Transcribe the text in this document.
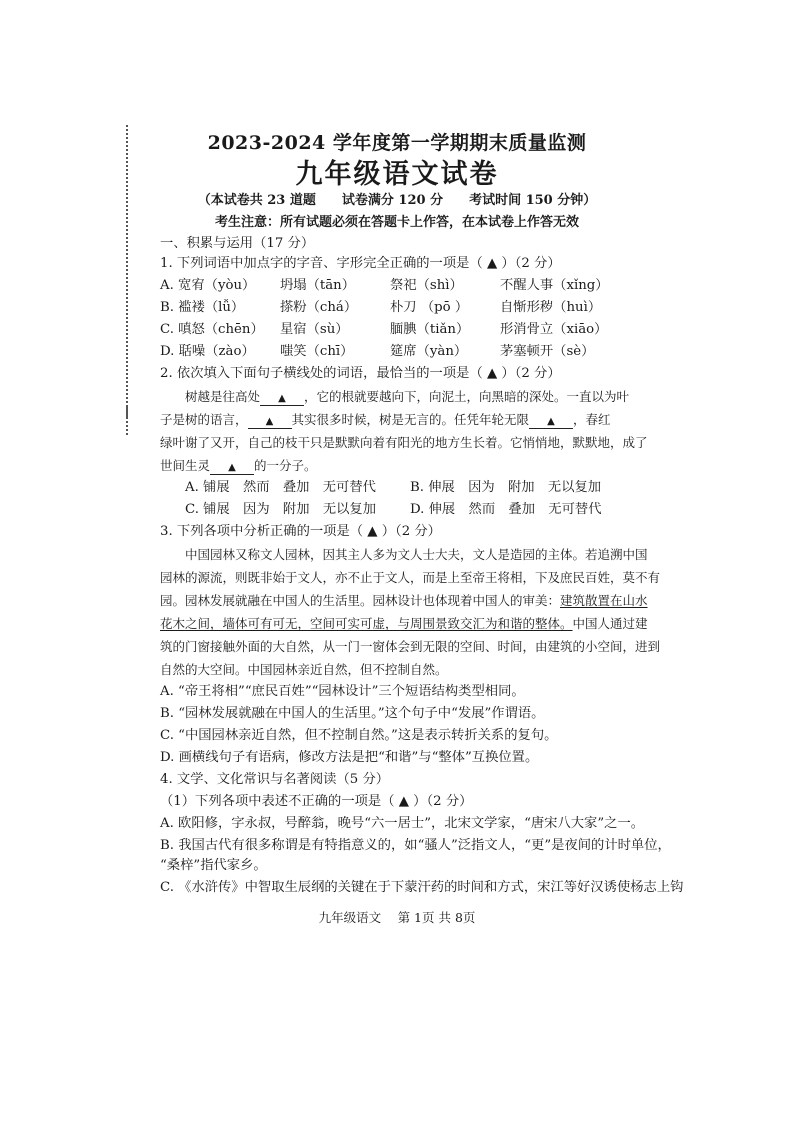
2023-2024 学年度第一学期期末质量监测
九年级语文试卷
（本试卷共 23 道题　　试卷满分 120 分　　考试时间 150 分钟）
考生注意：所有试题必须在答题卡上作答，在本试卷上作答无效
一、积累与运用（17 分）
1. 下列词语中加点字的字音、字形完全正确的一项是（ ▲ ）（2 分）
A. 宽宥（yòu） 坍塌（tān）	祭祀（shì）	不醒人事（xǐng）
B. 褴褛（lǚ）	搽粉（chá） 朴刀 （pō ） 自惭形秽（huì）
C. 嗔怒（chēn） 星宿（sù）	腼腆（tiǎn） 形消骨立（xiāo）
D. 聒噪（zào） 嗤笑（chī）	筵席（yàn） 茅塞顿开（sè）
2. 依次填入下面句子横线处的词语，最恰当的一项是（ ▲ ）（2 分）
树越是往高处 ▲ ，它的根就要越向下，向泥土，向黑暗的深处。一直以为叶
子是树的语言， ▲ 其实很多时候，树是无言的。任凭年轮无限 ▲ ，春红
绿叶谢了又开，自己的枝干只是默默向着有阳光的地方生长着。它悄悄地，默默地，成了
世间生灵 ▲ 的一分子。
A. 铺展　然而　叠加　无可替代	B. 伸展　因为　附加　无以复加
C. 铺展　因为　附加　无以复加	D. 伸展　然而　叠加　无可替代
3. 下列各项中分析正确的一项是（ ▲ ）（2 分）
中国园林又称文人园林，因其主人多为文人士大夫，文人是造园的主体。若追溯中国
园林的源流，则既非始于文人，亦不止于文人，而是上至帝王将相，下及庶民百姓，莫不有
园。园林发展就融在中国人的生活里。园林设计也体现着中国人的审美：建筑散置在山水
花木之间，墙体可有可无，空间可实可虚，与周围景致交汇为和谐的整体。中国人通过建
筑的门窗接触外面的大自然，从一门一窗体会到无限的空间、时间，由建筑的小空间，进到
自然的大空间。中国园林亲近自然，但不控制自然。
A. “帝王将相”“庶民百姓”“园林设计”三个短语结构类型相同。
B. “园林发展就融在中国人的生活里。”这个句子中“发展”作谓语。
C. “中国园林亲近自然，但不控制自然。”这是表示转折关系的复句。
D. 画横线句子有语病，修改方法是把“和谐”与“整体”互换位置。
4. 文学、文化常识与名著阅读（5 分）
（1）下列各项中表述不正确的一项是（ ▲ ）（2 分）
A. 欧阳修，字永叔，号醉翁，晚号“六一居士”，北宋文学家，“唐宋八大家”之一。
B. 我国古代有很多称谓是有特指意义的，如“骚人”泛指文人，“更”是夜间的计时单位，
“桑梓”指代家乡。
C. 《水浒传》中智取生辰纲的关键在于下蒙汗药的时间和方式，宋江等好汉诱使杨志上钩
九年级语文　 第 1页 共 8页
